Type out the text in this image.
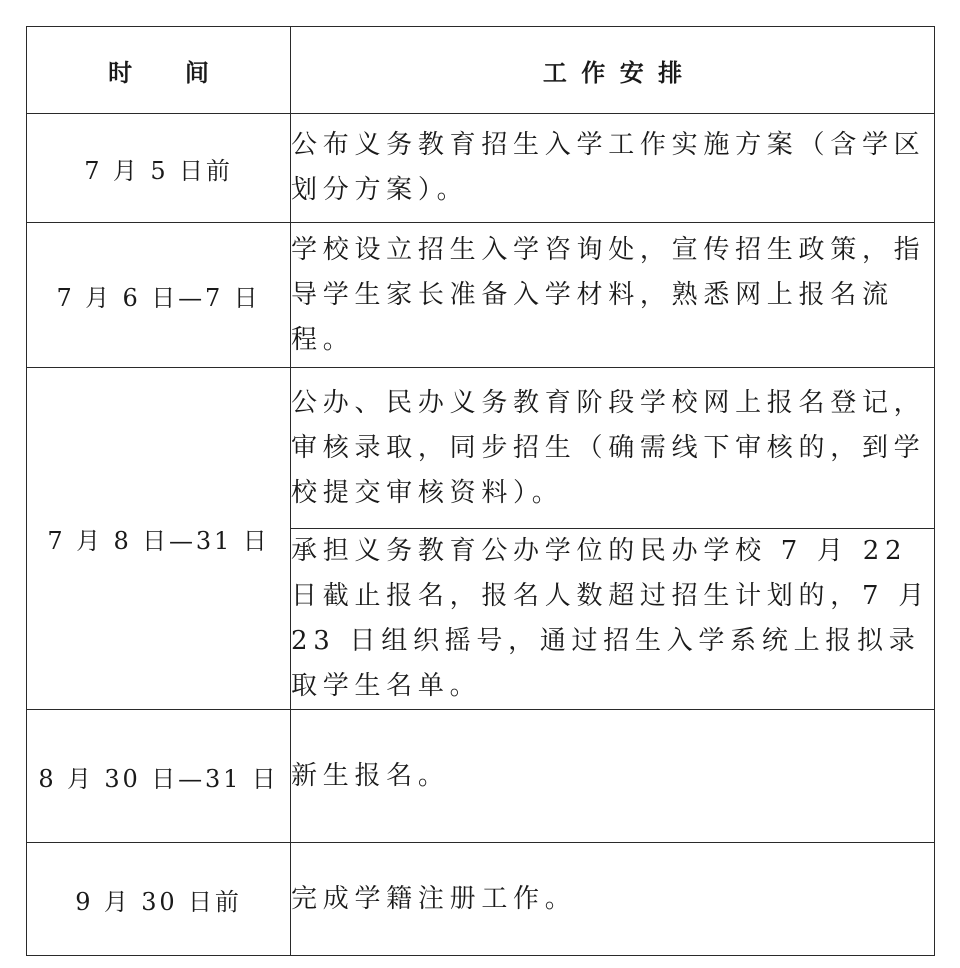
时　间	工作安排
7 月 5 日前	公布义务教育招生入学工作实施方案（含学区划分方案）。
7 月 6 日—7 日	学校设立招生入学咨询处，宣传招生政策，指导学生家长准备入学材料，熟悉网上报名流程。
7 月 8 日—31 日	公办、民办义务教育阶段学校网上报名登记，审核录取，同步招生（确需线下审核的，到学校提交审核资料）。
	承担义务教育公办学位的民办学校 7 月 22 日截止报名，报名人数超过招生计划的，7 月 23 日组织摇号，通过招生入学系统上报拟录取学生名单。
8 月 30 日—31 日	新生报名。
9 月 30 日前	完成学籍注册工作。
